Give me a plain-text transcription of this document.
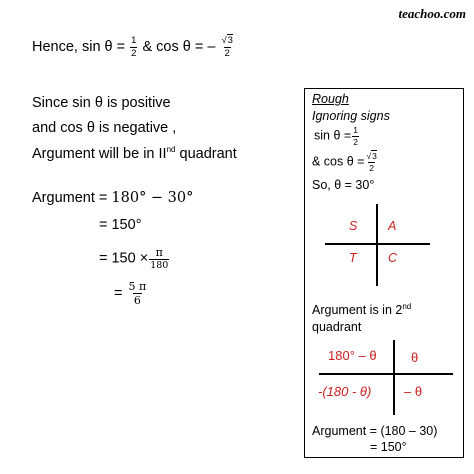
teachoo.com
Hence, $\sin \theta = \frac{1}{2}$ & cos θ = – $\frac{√3}{2}$
Since sin θ is positive
and cos θ is negative ,
Argument will be in IInd quadrant
Argument = 180° − 30°
= 150°
= $150 \times \frac{\pi}{180}$
= $\frac{5 \pi}{6}$
Rough
Ignoring signs
$\sin \theta = \frac{1}{2}$
& $\cos \theta = \frac{√3}{2}$
So, θ = 30°
S A
T	C
Argument is in 2nd
quadrant
180° – θ	θ
-(180 - θ)	– θ
Argument = (180 – 30)
= 150°
